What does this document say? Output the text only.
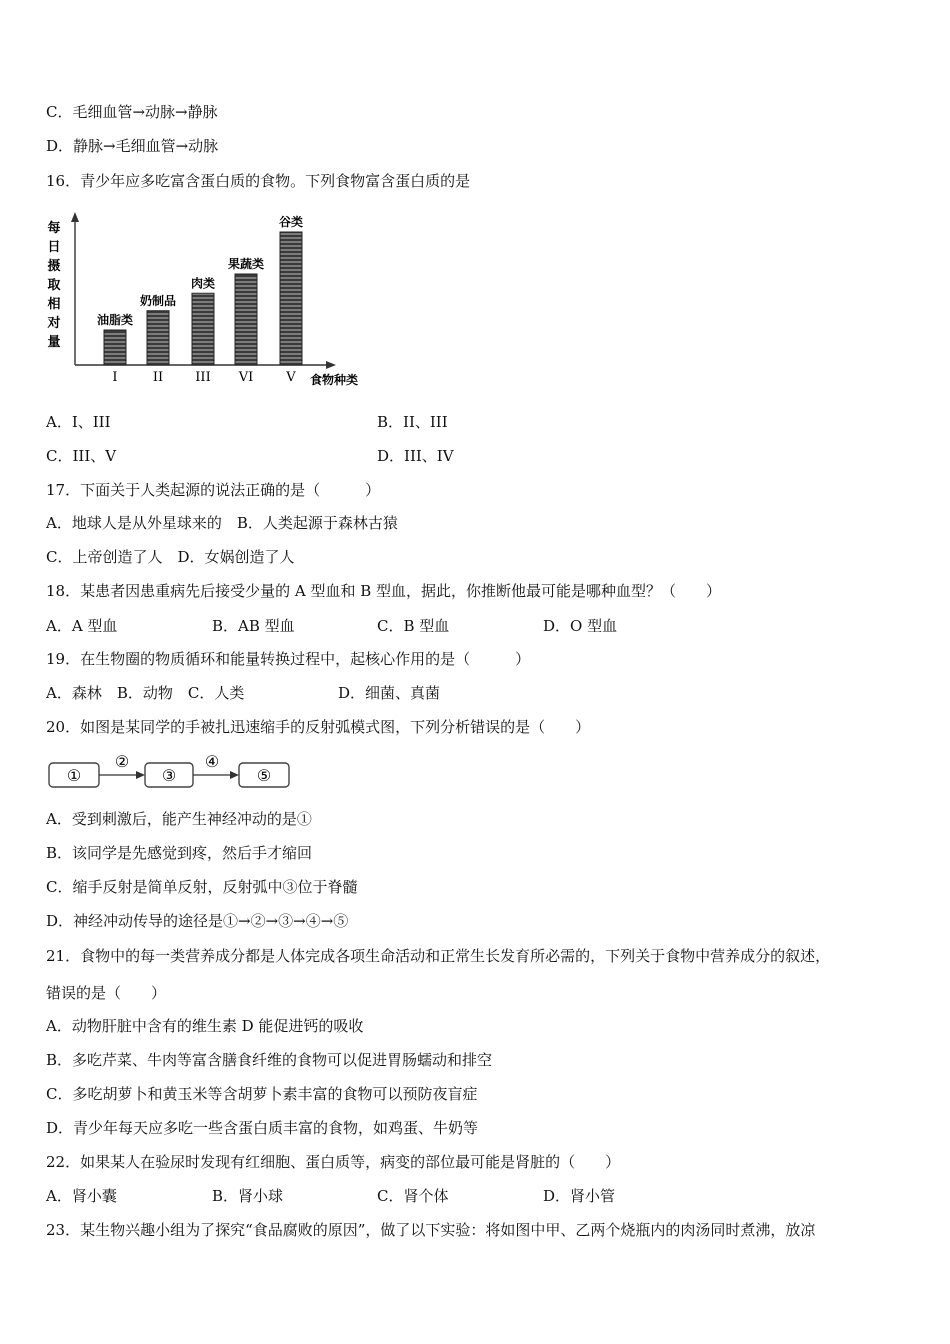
C．毛细血管→动脉→静脉
D．静脉→毛细血管→动脉
16．青少年应多吃富含蛋白质的食物。下列食物富含蛋白质的是
每
日
摄
取
相
对
量
油脂类
I
奶制品
II
肉类
III
果蔬类
VI
谷类
V 食物种类
A．I、III	B．II、III
C．III、V	D．III、IV
17．下面关于人类起源的说法正确的是（　　　）
A．地球人是从外星球来的　B．人类起源于森林古猿
C．上帝创造了人　D．女娲创造了人
18．某患者因患重病先后接受少量的 A 型血和 B 型血，据此，你推断他最可能是哪种血型？（　　）
A．A 型血	B．AB 型血	C．B 型血	D．O 型血
19．在生物圈的物质循环和能量转换过程中，起核心作用的是（　　　）
A．森林　B．动物　C．人类	D．细菌、真菌
20．如图是某同学的手被扎迅速缩手的反射弧模式图，下列分析错误的是（　　）
①
②
③
④
⑤
A．受到刺激后，能产生神经冲动的是①
B．该同学是先感觉到疼，然后手才缩回
C．缩手反射是简单反射，反射弧中③位于脊髓
D．神经冲动传导的途径是①→②→③→④→⑤
21．食物中的每一类营养成分都是人体完成各项生命活动和正常生长发育所必需的，下列关于食物中营养成分的叙述，
错误的是（　　）
A．动物肝脏中含有的维生素 D 能促进钙的吸收
B．多吃芹菜、牛肉等富含膳食纤维的食物可以促进胃肠蠕动和排空
C．多吃胡萝卜和黄玉米等含胡萝卜素丰富的食物可以预防夜盲症
D．青少年每天应多吃一些含蛋白质丰富的食物，如鸡蛋、牛奶等
22．如果某人在验尿时发现有红细胞、蛋白质等，病变的部位最可能是肾脏的（　　）
A．肾小囊	B．肾小球	C．肾个体	D．肾小管
23．某生物兴趣小组为了探究“食品腐败的原因”，做了以下实验：将如图中甲、乙两个烧瓶内的肉汤同时煮沸，放凉
